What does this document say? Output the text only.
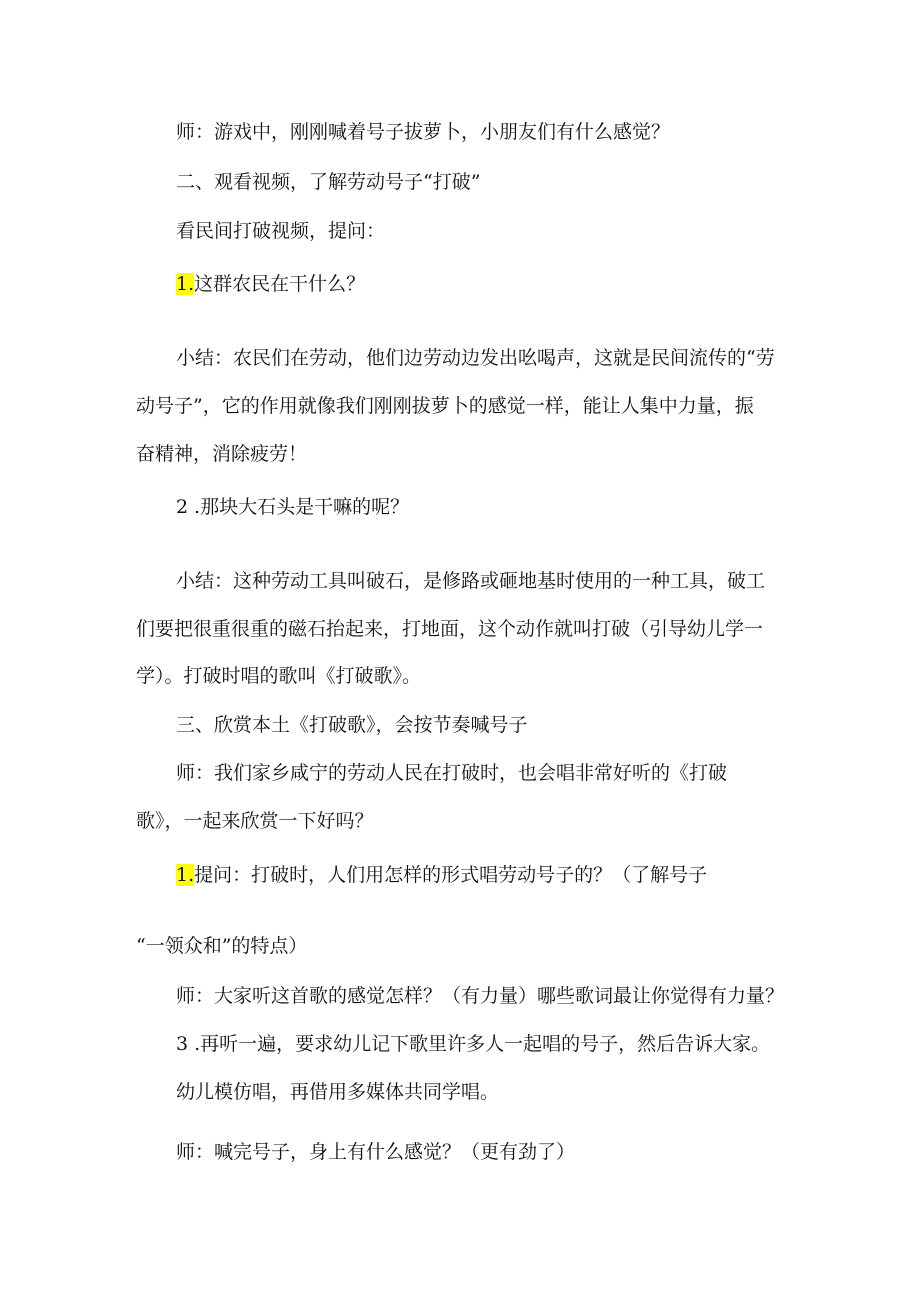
师：游戏中，刚刚喊着号子拔萝卜，小朋友们有什么感觉？

二、观看视频，了解劳动号子“打破”

看民间打破视频，提问：

1.这群农民在干什么？

小结：农民们在劳动，他们边劳动边发出吆喝声，这就是民间流传的“劳

动号子”，它的作用就像我们刚刚拔萝卜的感觉一样，能让人集中力量，振

奋精神，消除疲劳！

2 .那块大石头是干嘛的呢？

小结：这种劳动工具叫破石，是修路或砸地基时使用的一种工具，破工

们要把很重很重的磁石抬起来，打地面，这个动作就叫打破（引导幼儿学一

学）。打破时唱的歌叫《打破歌》。

三、欣赏本土《打破歌》，会按节奏喊号子

师：我们家乡咸宁的劳动人民在打破时，也会唱非常好听的《打破

歌》，一起来欣赏一下好吗？

1.提问：打破时，人们用怎样的形式唱劳动号子的？（了解号子

“一领众和”的特点）

师：大家听这首歌的感觉怎样？（有力量）哪些歌词最让你觉得有力量？

3 .再听一遍，要求幼儿记下歌里许多人一起唱的号子，然后告诉大家。

幼儿模仿唱，再借用多媒体共同学唱。

师：喊完号子，身上有什么感觉？（更有劲了）
